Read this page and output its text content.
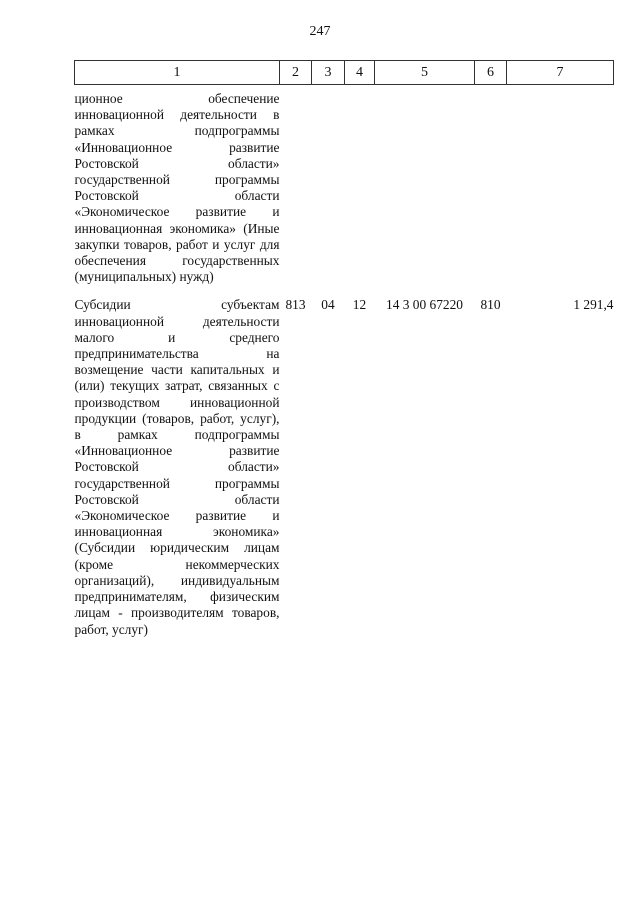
247
1	2	3	4	5	6	7
ционное обеспечение инновационной деятельности в рамках подпрограммы «Инновационное развитие Ростовской области» государственной программы Ростовской области «Экономическое развитие и инновационная экономика» (Иные закупки товаров, работ и услуг для обеспечения государственных (муниципальных) нужд)						
Субсидии субъектам инновационной деятельности малого и среднего предпринимательства на возмещение части капитальных и (или) текущих затрат, связанных с производством инновационной продукции (товаров, работ, услуг), в рамках подпрограммы «Инновационное развитие Ростовской области» государственной программы Ростовской области «Экономическое развитие и инновационная экономика» (Субсидии юридическим лицам (кроме некоммерческих организаций), индивидуальным предпринимателям, физическим лицам - производителям товаров, работ, услуг)	813	04	12	14 3 00 67220	810	1 291,4
